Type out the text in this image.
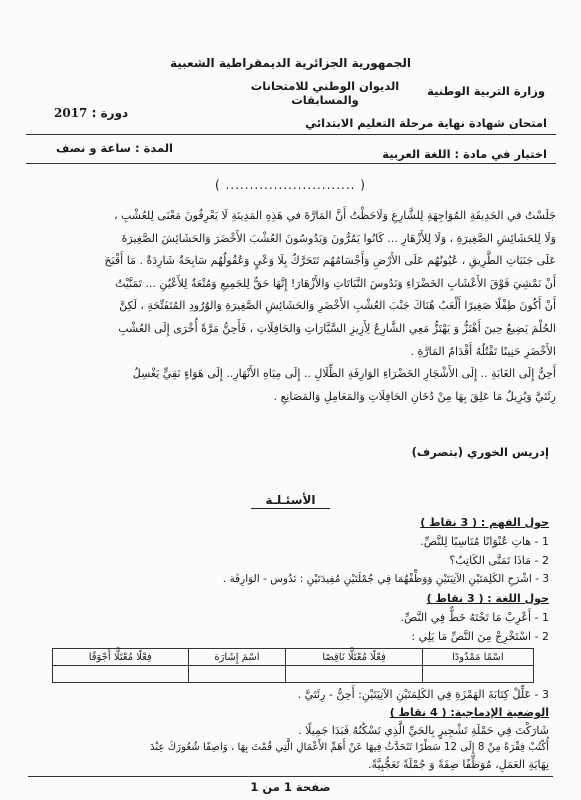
الجمهورية الجزائرية الديمقراطية الشعبية
الديوان الوطني للامتحانات والمسابقات
وزارة التربية الوطنية
دورة : 2017
امتحان شهادة نهاية مرحلة التعليم الابتدائي
المدة : ساعة و نصف	اختبار في مادة : اللغة العربية
( ........................... )

جَلَسْتُ في الحَدِيقَةِ المُوَاجِهَةِ لِلشَّارِعِ وَلَاحَظْتُ أَنَّ المَارَّةَ في هَذِهِ المَدِينَةِ لَا يَعْرِفُونَ مَعْنَى لِلعُشْبِ ،

وَلَا لِلحَشَائِشِ الصَّغِيرَةِ ، وَلَا لِلأَزْهَارِ ... كَانُوا يَمُرُّونَ وَيَدُوسُونَ العُشْبَ الأَخْضَرَ وَالحَشَائِشَ الصَّغِيرَةَ

عَلَى جَنَبَاتِ الطَّرِيقِ ، عُيُونُهُم عَلَى الأَرْضِ وَأَجْسَامُهُم تَتَحَرَّكُ بِلَا وَعْيٍ وَعُقُولُهُم سَابِحَةٌ شَارِدَةٌ . مَا أَقْبَحَ

أَنْ نَمْشِيَ فَوْقَ الأَعْشَابِ الخَضْرَاءِ وَنَدُوسَ النَّبَاتَاتِ وَالأَزْهَارَ! إِنَّهَا حَقٌّ لِلجَمِيعِ وَمُتْعَةٌ لِلأَعْيُنِ ... تَمَنَّيْتُ

أَنْ أَكُونَ طِفْلًا صَغِيرًا أَلْعَبُ هُنَاكَ جَنْبَ العُشْبِ الأَخْضَرِ وَالحَشَائِشِ الصَّغِيرَةِ وَالوُرُودِ المُتَفَتِّحَةِ ، لَكِنَّ

الحُلْمَ يَضِيعُ حِينَ أَهْتَزُّ وَ يَهْتَزُّ مَعِي الشَّارِعُ لِأَزِيزِ السَّيَّارَاتِ وَالحَافِلَاتِ ، فَأَحِنُّ مَرَّةً أُخْرَى إِلَى العُشْبِ

الأَخْضَرِ حَنِينًا تَقْتُلُهُ أَقْدَامُ المَارَّةِ .

أَحِنُّ إِلَى الغَابَةِ .. إِلَى الأَشْجَارِ الخَضْرَاءِ الوَارِفَةِ الظِّلَالِ .. إِلَى مِيَاهِ الأَنْهَارِ.. إِلَى هَوَاءٍ نَقِيٍّ يَغْسِلُ

رِئَتَيَّ وَيُزِيلُ مَا عَلِقَ بِهَا مِنْ دُخَانِ الحَافِلَاتِ وَالمَعَامِلِ وَالمَصَانِعِ .

إدريس الخوري (بتصرف)
الأسئـلـة
حول الفهم : ( 3 نقاط )
1 - هاتِ عُنْوَانًا مُنَاسِبًا لِلنَّصِّ.
2 - مَاذَا تَمَنَّى الكَاتِبُ؟
3 - اشْرَحِ الكَلِمَتَيْنِ الآتِيَتَيْنِ وَوَظِّفْهُمَا فِي جُمْلَتَيْنِ مُفِيدَتَيْنِ : نَدُوس - الوَارِفَة .
حول اللغة : ( 3 نقاط )
1 - أَعْرِبْ مَا تَحْتَهُ خَطٌّ فِي النَّصِّ.
2 - اسْتَخْرِجْ مِنَ النَّصِّ مَا يَلِي :
اسْمًا مَمْدُودًا	فِعْلًا مُعْتَلًّا نَاقِصًا	اسْمَ إِشَارَة	فِعْلًا مُعْتَلًّا أَجْوَفًا

3 - عَلِّلْ كِتَابَةَ الهَمْزَةِ فِي الكَلِمَتَيْنِ الآتِيَتَيْنِ: أَحِنُّ - رِئَتَيَّ .
الوضعية الإدماجية: ( 4 نقاط )
شَارَكْتَ فِي حَمْلَةِ تَشْجِيرٍ بِالحَيِّ الَّذِي تَسْكُنُهُ فَبَدَا جَمِيلًا .
أُكْتُبْ فِقْرَةً مِنْ 8 إِلَى 12 سَطْرًا تَتَحَدَّثُ فِيهَا عَنْ أَهَمِّ الأَعْمَالِ الَّتِي قُمْتَ بِهَا ، وَاصِفًا شُعُورَكَ عِنْدَ
نِهَايَةِ العَمَلِ، مُوَظِّفًا صِفَةً وَ جُمْلَةً تَعَجُّبِيَّةً.
صفحة 1 من 1
